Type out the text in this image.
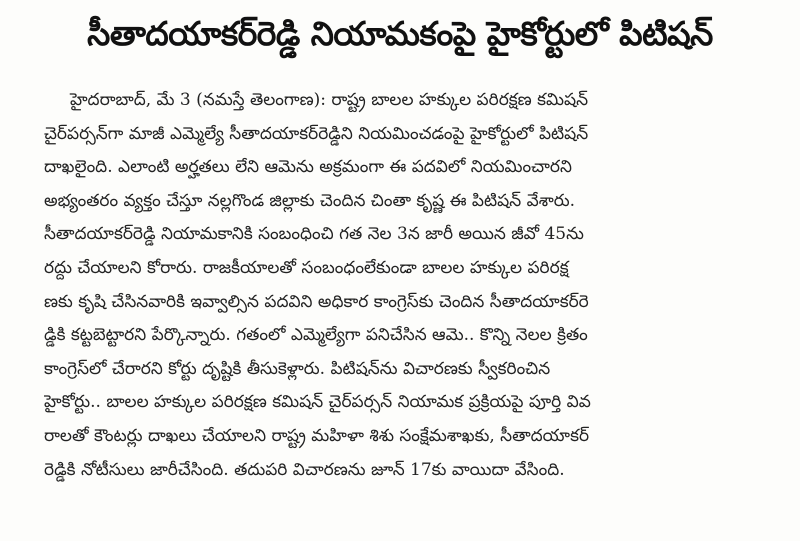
సీతాదయాకర్‌రెడ్డి నియామకంపై హైకోర్టులో పిటిషన్
హైదరాబాద్, మే 3 (నమస్తే తెలంగాణ): రాష్ట్ర బాలల హక్కుల పరిరక్షణ కమిషన్
చైర్‌పర్సన్‌గా మాజీ ఎమ్మెల్యే సీతాదయాకర్‌రెడ్డిని నియమించడంపై హైకోర్టులో పిటిషన్
దాఖలైంది. ఎలాంటి అర్హతలు లేని ఆమెను అక్రమంగా ఈ పదవిలో నియమించారని
అభ్యంతరం వ్యక్తం చేస్తూ నల్లగొండ జిల్లాకు చెందిన చింతా కృష్ణ ఈ పిటిషన్ వేశారు.
సీతాదయాకర్‌రెడ్డి నియామకానికి సంబంధించి గత నెల 3న జారీ అయిన జీవో 45ను
రద్దు చేయాలని కోరారు. రాజకీయాలతో సంబంధంలేకుండా బాలల హక్కుల పరిరక్ష
ణకు కృషి చేసినవారికి ఇవ్వాల్సిన పదవిని అధికార కాంగ్రెస్‌కు చెందిన సీతాదయాకర్‌రె
డ్డికి కట్టబెట్టారని పేర్కొన్నారు. గతంలో ఎమ్మెల్యేగా పనిచేసిన ఆమె.. కొన్ని నెలల క్రితం
కాంగ్రెస్‌లో చేరారని కోర్టు దృష్టికి తీసుకెళ్లారు. పిటిషన్‌ను విచారణకు స్వీకరించిన
హైకోర్టు.. బాలల హక్కుల పరిరక్షణ కమిషన్ చైర్‌పర్సన్ నియామక ప్రక్రియపై పూర్తి వివ
రాలతో కౌంటర్లు దాఖలు చేయాలని రాష్ట్ర మహిళా శిశు సంక్షేమశాఖకు, సీతాదయాకర్
రెడ్డికి నోటీసులు జారీచేసింది. తదుపరి విచారణను జూన్ 17కు వాయిదా వేసింది.
